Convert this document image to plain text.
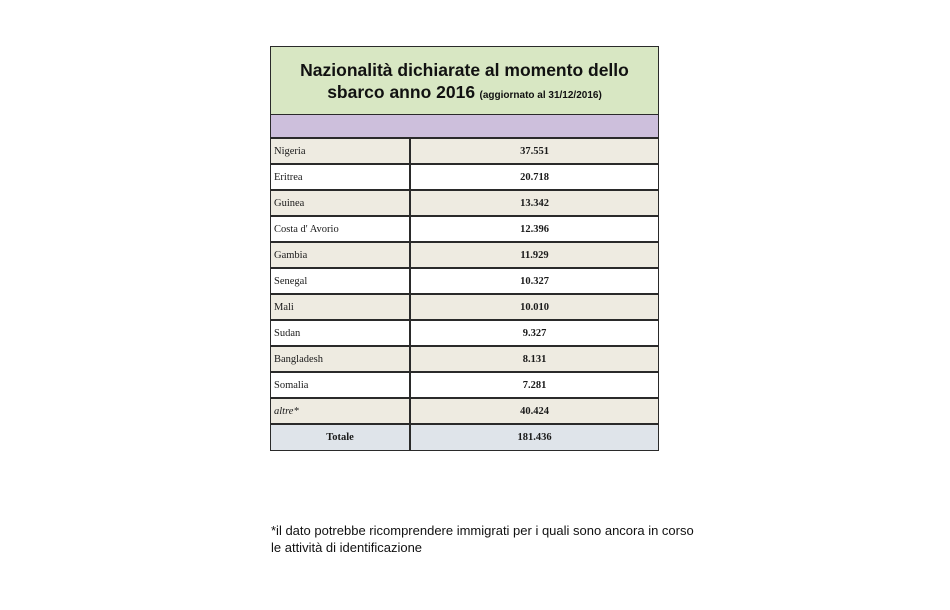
Nazionalità dichiarate al momento dello
sbarco anno 2016 (aggiornato al 31/12/2016)
Nigeria	37.551
Eritrea	20.718
Guinea	13.342
Costa d' Avorio	12.396
Gambia	11.929
Senegal	10.327
Mali	10.010
Sudan	9.327
Bangladesh	8.131
Somalia	7.281
altre*	40.424
Totale	181.436
*il dato potrebbe ricomprendere immigrati per i quali sono ancora in corso
le attività di identificazione
